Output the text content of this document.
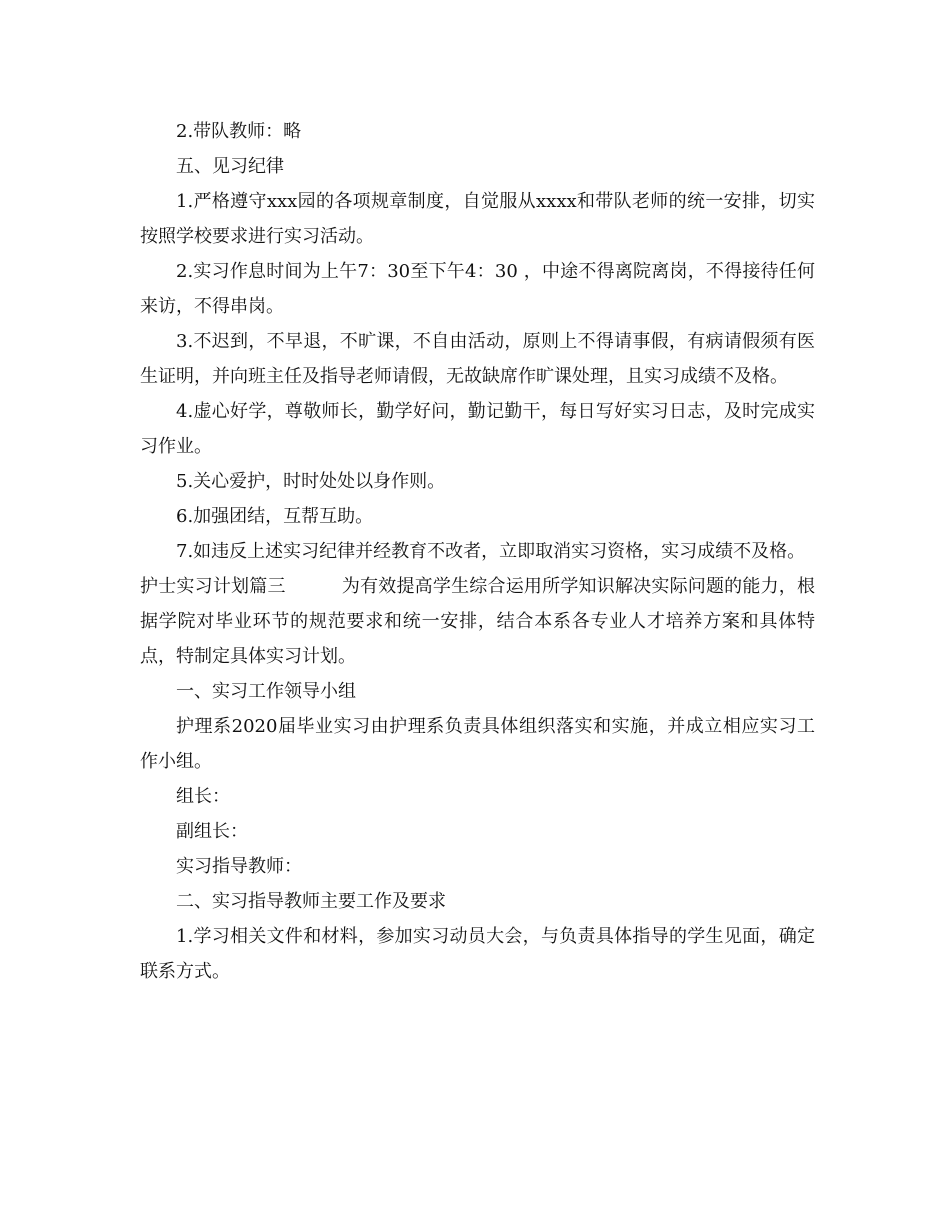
2.带队教师：略

五、见习纪律

1.严格遵守xxx园的各项规章制度，自觉服从xxxx和带队老师的统一安排，切实按照学校要求进行实习活动。

2.实习作息时间为上午7：30至下午4：30 ，中途不得离院离岗，不得接待任何来访，不得串岗。

3.不迟到，不早退，不旷课，不自由活动，原则上不得请事假，有病请假须有医生证明，并向班主任及指导老师请假，无故缺席作旷课处理，且实习成绩不及格。

4.虚心好学，尊敬师长，勤学好问，勤记勤干，每日写好实习日志，及时完成实习作业。

5.关心爱护，时时处处以身作则。

6.加强团结，互帮互助。

7.如违反上述实习纪律并经教育不改者，立即取消实习资格，实习成绩不及格。

护士实习计划篇三	为有效提高学生综合运用所学知识解决实际问题的能力，根据学院对毕业环节的规范要求和统一安排，结合本系各专业人才培养方案和具体特点，特制定具体实习计划。

一、实习工作领导小组

护理系2020届毕业实习由护理系负责具体组织落实和实施，并成立相应实习工作小组。

组长：

副组长：

实习指导教师：

二、实习指导教师主要工作及要求

1.学习相关文件和材料，参加实习动员大会，与负责具体指导的学生见面，确定联系方式。
